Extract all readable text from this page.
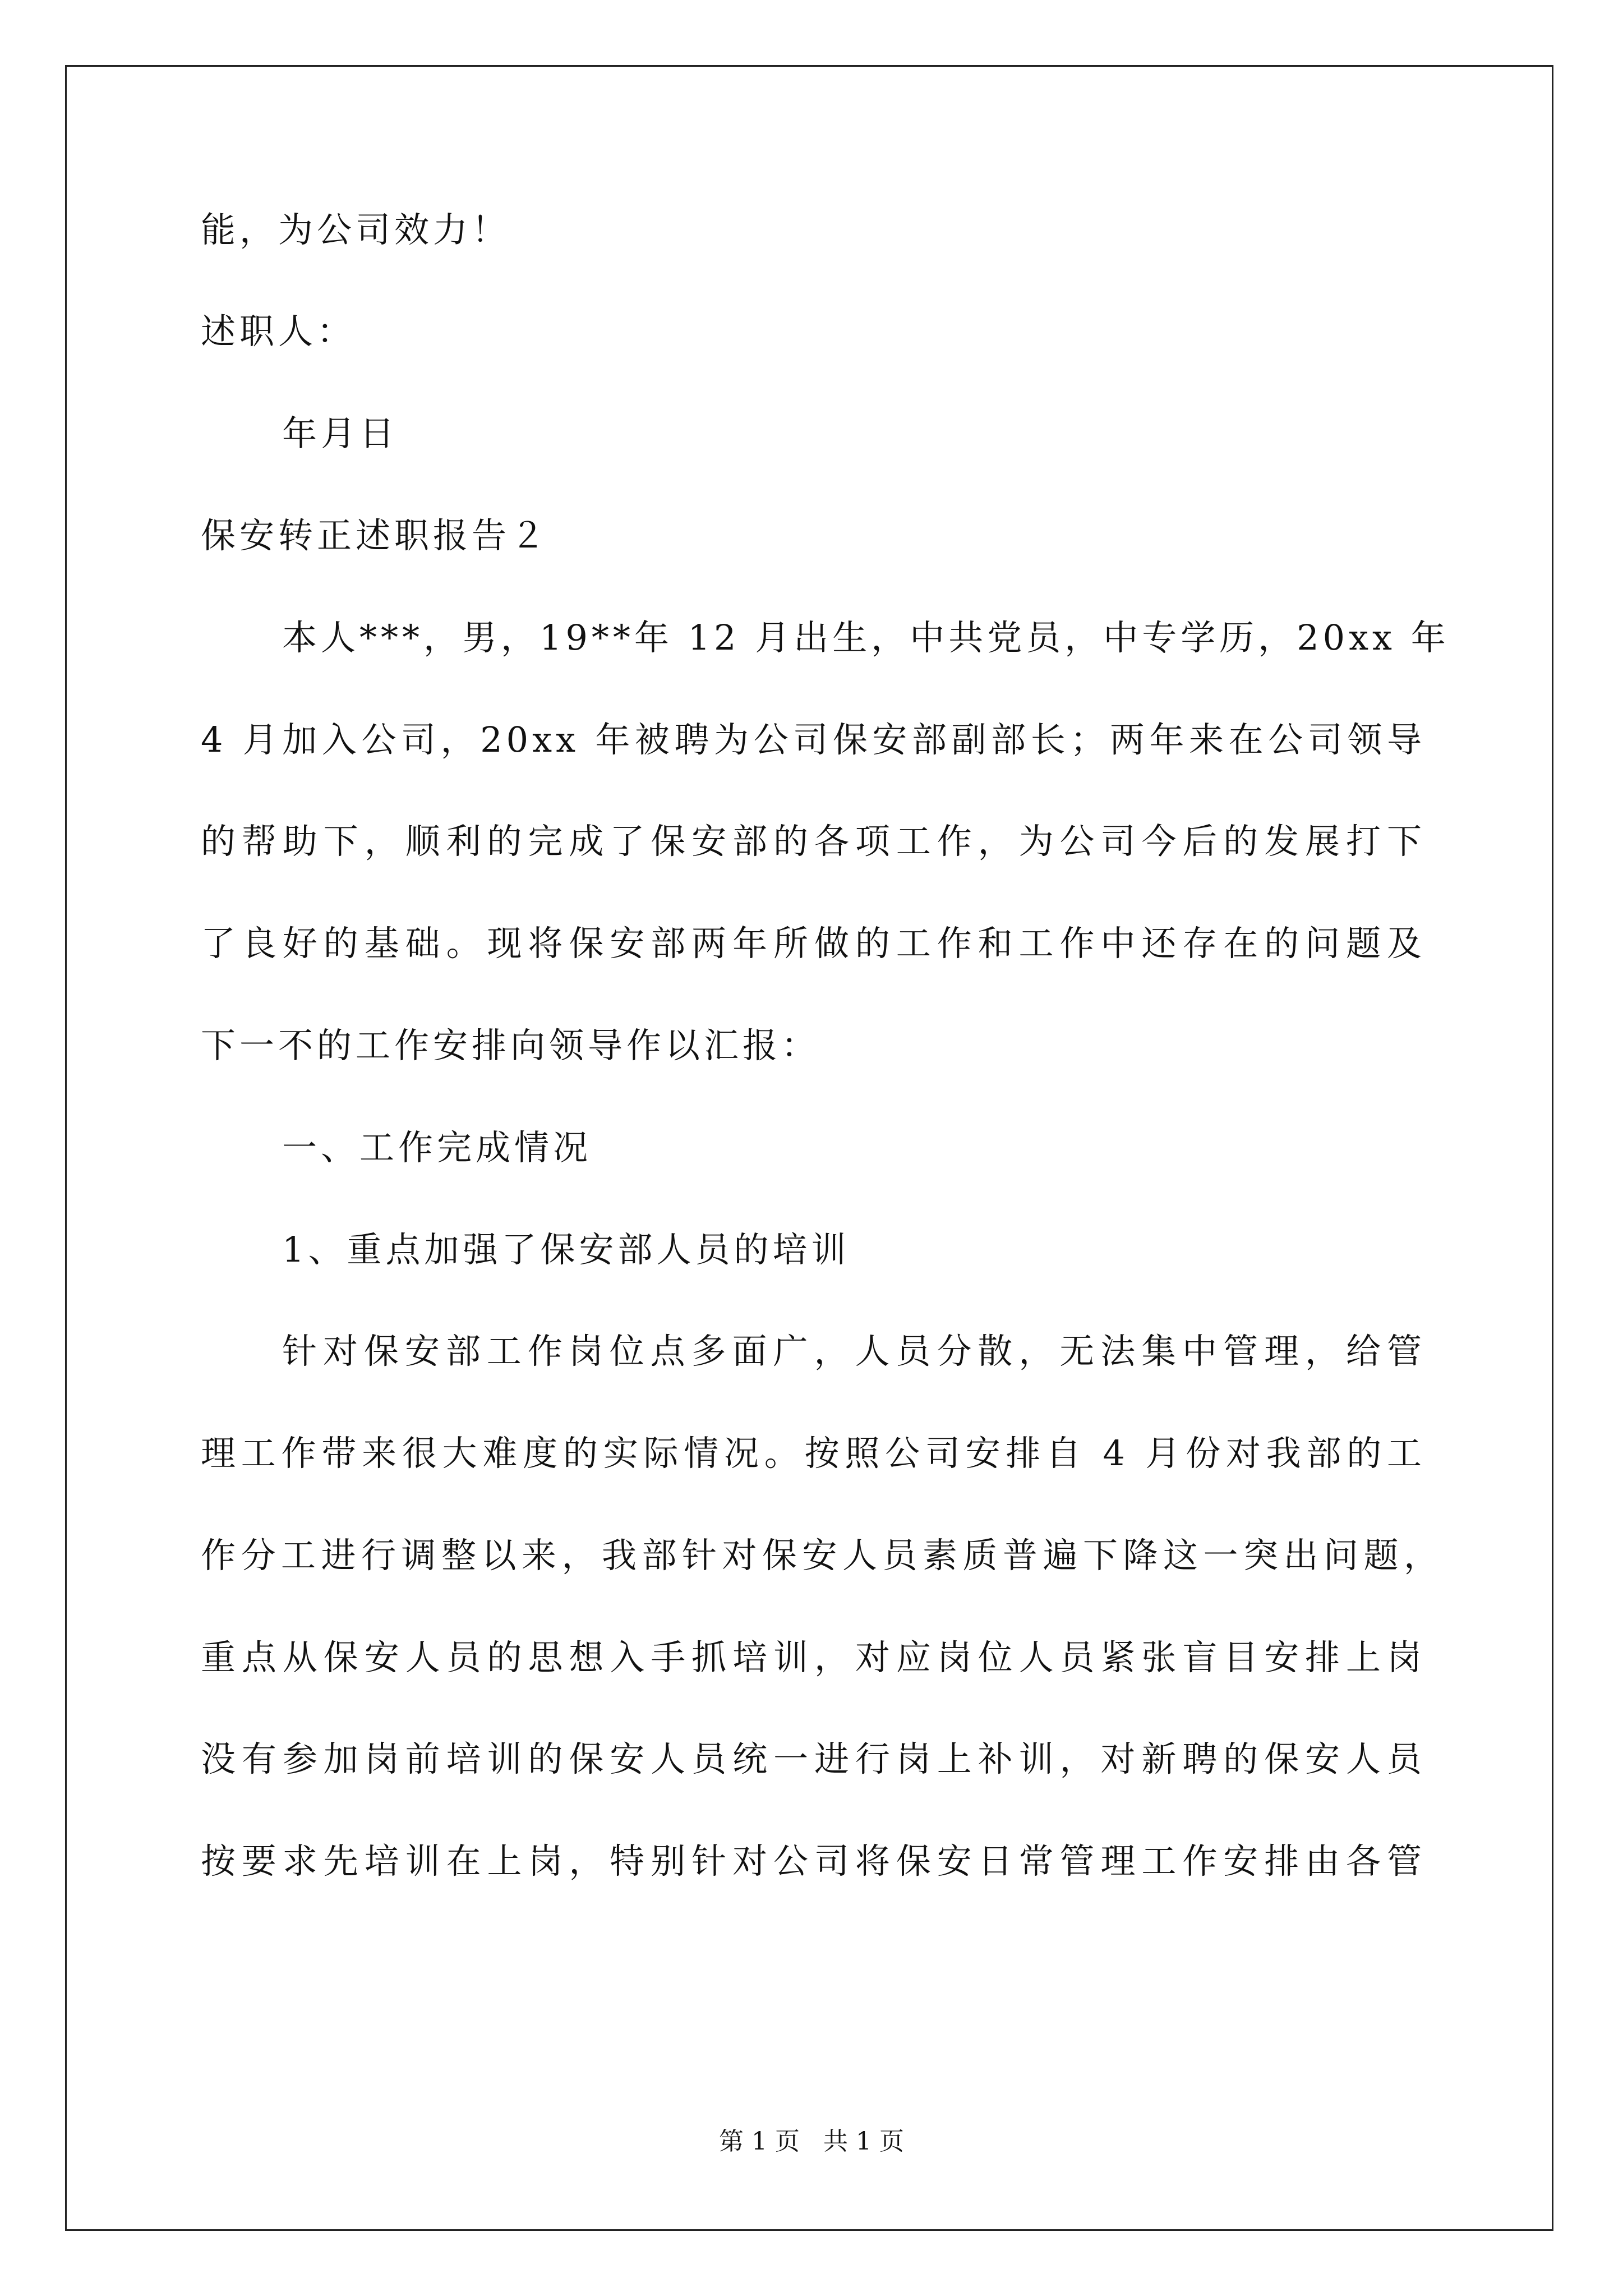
能，为公司效力！
述职人：
年月日
保安转正述职报告２
本人***，男，19**年 12 月出生，中共党员，中专学历，20xx 年
4 月加入公司，20xx 年被聘为公司保安部副部长；两年来在公司领导
的帮助下，顺利的完成了保安部的各项工作，为公司今后的发展打下
了良好的基础。现将保安部两年所做的工作和工作中还存在的问题及
下一不的工作安排向领导作以汇报：
一、工作完成情况
1、重点加强了保安部人员的培训
针对保安部工作岗位点多面广，人员分散，无法集中管理，给管
理工作带来很大难度的实际情况。按照公司安排自 4 月份对我部的工
作分工进行调整以来，我部针对保安人员素质普遍下降这一突出问题，
重点从保安人员的思想入手抓培训，对应岗位人员紧张盲目安排上岗
没有参加岗前培训的保安人员统一进行岗上补训，对新聘的保安人员
按要求先培训在上岗，特别针对公司将保安日常管理工作安排由各管
第 1 页   共 1 页
